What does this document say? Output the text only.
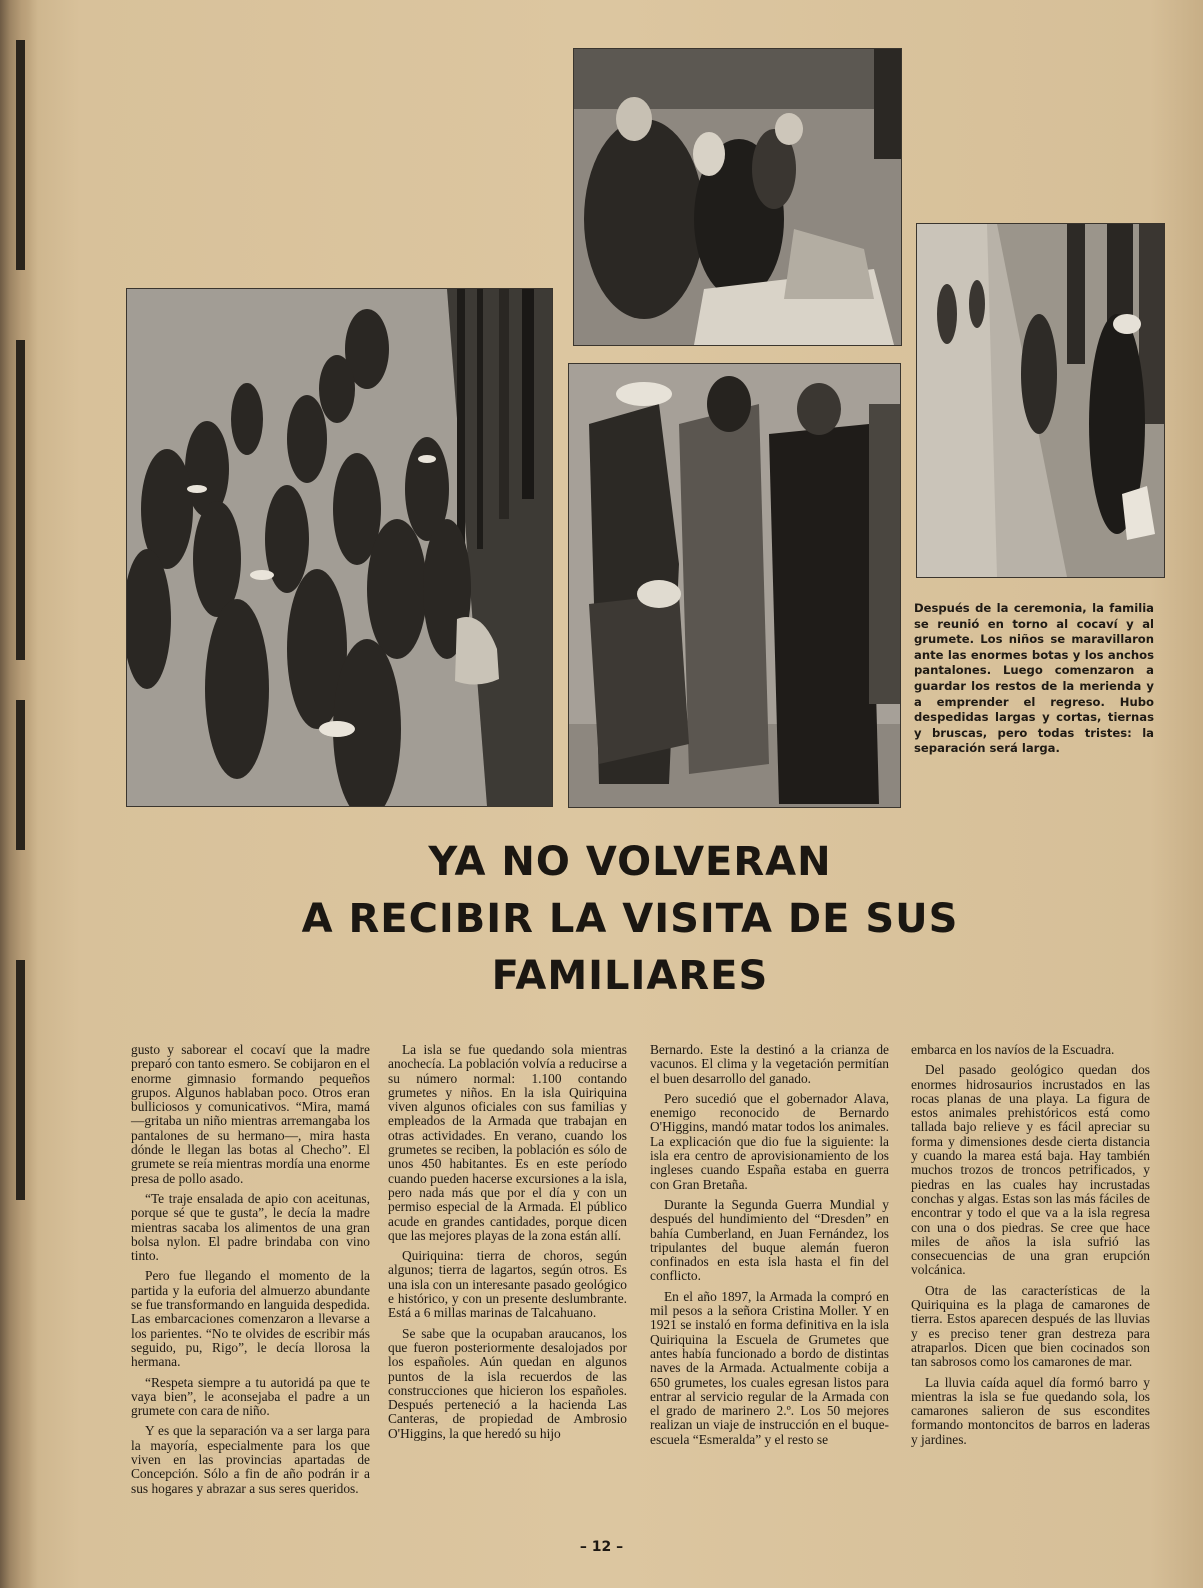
Después de la ceremonia, la familia se reunió en torno al cocaví y al grumete. Los niños se maravillaron ante las enormes botas y los anchos pantalones. Luego comenzaron a guardar los restos de la merienda y a emprender el regreso. Hubo despedidas largas y cortas, tiernas y bruscas, pero todas tristes: la separación será larga.
YA NO VOLVERAN
A RECIBIR LA VISITA DE SUS
FAMILIARES

gusto y saborear el cocaví que la madre preparó con tanto esmero. Se cobijaron en el enorme gimnasio formando pequeños grupos. Algunos hablaban poco. Otros eran bulliciosos y comunicativos. “Mira, mamá —gritaba un niño mientras arremangaba los pantalones de su hermano—, mira hasta dónde le llegan las botas al Checho”. El grumete se reía mientras mordía una enorme presa de pollo asado.

“Te traje ensalada de apio con aceitunas, porque sé que te gusta”, le decía la madre mientras sacaba los alimentos de una gran bolsa nylon. El padre brindaba con vino tinto.

Pero fue llegando el momento de la partida y la euforia del almuerzo abundante se fue transformando en languida despedida. Las embarcaciones comenzaron a llevarse a los parientes. “No te olvides de escribir más seguido, pu, Rigo”, le decía llorosa la hermana.

“Respeta siempre a tu autoridá pa que te vaya bien”, le aconsejaba el padre a un grumete con cara de niño.

Y es que la separación va a ser larga para la mayoría, especialmente para los que viven en las provincias apartadas de Concepción. Sólo a fin de año podrán ir a sus hogares y abrazar a sus seres queridos.

La isla se fue quedando sola mientras anochecía. La población volvía a reducirse a su número normal: 1.100 contando grumetes y niños. En la isla Quiriquina viven algunos oficiales con sus familias y empleados de la Armada que trabajan en otras actividades. En verano, cuando los grumetes se reciben, la población es sólo de unos 450 habitantes. Es en este período cuando pueden hacerse excursiones a la isla, pero nada más que por el día y con un permiso especial de la Armada. El público acude en grandes cantidades, porque dicen que las mejores playas de la zona están allí.

Quiriquina: tierra de choros, según algunos; tierra de lagartos, según otros. Es una isla con un interesante pasado geológico e histórico, y con un presente deslumbrante. Está a 6 millas marinas de Talcahuano.

Se sabe que la ocupaban araucanos, los que fueron posteriormente desalojados por los españoles. Aún quedan en algunos puntos de la isla recuerdos de las construcciones que hicieron los españoles. Después perteneció a la hacienda Las Canteras, de propiedad de Ambrosio O'Higgins, la que heredó su hijo

Bernardo. Este la destinó a la crianza de vacunos. El clima y la vegetación permitían el buen desarrollo del ganado.

Pero sucedió que el gobernador Alava, enemigo reconocido de Bernardo O'Higgins, mandó matar todos los animales. La explicación que dio fue la siguiente: la isla era centro de aprovisionamiento de los ingleses cuando España estaba en guerra con Gran Bretaña.

Durante la Segunda Guerra Mundial y después del hundimiento del “Dresden” en bahía Cumberland, en Juan Fernández, los tripulantes del buque alemán fueron confinados en esta isla hasta el fin del conflicto.

En el año 1897, la Armada la compró en mil pesos a la señora Cristina Moller. Y en 1921 se instaló en forma definitiva en la isla Quiriquina la Escuela de Grumetes que antes había funcionado a bordo de distintas naves de la Armada. Actualmente cobija a 650 grumetes, los cuales egresan listos para entrar al servicio regular de la Armada con el grado de marinero 2.º. Los 50 mejores realizan un viaje de instrucción en el buque-escuela “Esmeralda” y el resto se

embarca en los navíos de la Escuadra.

Del pasado geológico quedan dos enormes hidrosaurios incrustados en las rocas planas de una playa. La figura de estos animales prehistóricos está como tallada bajo relieve y es fácil apreciar su forma y dimensiones desde cierta distancia y cuando la marea está baja. Hay también muchos trozos de troncos petrificados, y piedras en las cuales hay incrustadas conchas y algas. Estas son las más fáciles de encontrar y todo el que va a la isla regresa con una o dos piedras. Se cree que hace miles de años la isla sufrió las consecuencias de una gran erupción volcánica.

Otra de las características de la Quiriquina es la plaga de camarones de tierra. Estos aparecen después de las lluvias y es preciso tener gran destreza para atraparlos. Dicen que bien cocinados son tan sabrosos como los camarones de mar.

La lluvia caída aquel día formó barro y mientras la isla se fue quedando sola, los camarones salieron de sus escondites formando montoncitos de barros en laderas y jardines.

– 12 –
